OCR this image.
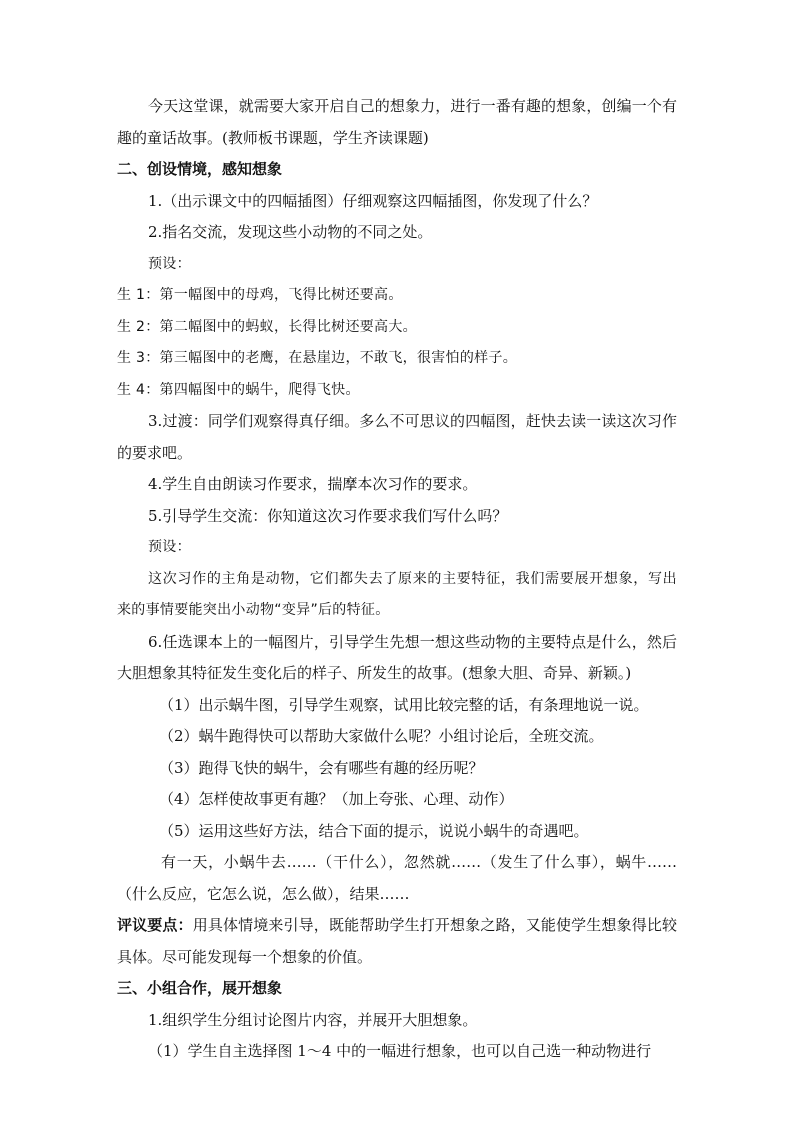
今天这堂课，就需要大家开启自己的想象力，进行一番有趣的想象，创编一个有趣的童话故事。(教师板书课题，学生齐读课题)

二、创设情境，感知想象

1.（出示课文中的四幅插图）仔细观察这四幅插图，你发现了什么？

2.指名交流，发现这些小动物的不同之处。

预设：

生 1：第一幅图中的母鸡，飞得比树还要高。

生 2：第二幅图中的蚂蚁，长得比树还要高大。

生 3：第三幅图中的老鹰，在悬崖边，不敢飞，很害怕的样子。

生 4：第四幅图中的蜗牛，爬得飞快。

3.过渡：同学们观察得真仔细。多么不可思议的四幅图，赶快去读一读这次习作的要求吧。

4.学生自由朗读习作要求，揣摩本次习作的要求。

5.引导学生交流：你知道这次习作要求我们写什么吗？

预设：

这次习作的主角是动物，它们都失去了原来的主要特征，我们需要展开想象，写出来的事情要能突出小动物“变异”后的特征。

6.任选课本上的一幅图片，引导学生先想一想这些动物的主要特点是什么，然后大胆想象其特征发生变化后的样子、所发生的故事。(想象大胆、奇异、新颖。)

（1）出示蜗牛图，引导学生观察，试用比较完整的话，有条理地说一说。

（2）蜗牛跑得快可以帮助大家做什么呢？小组讨论后，全班交流。

（3）跑得飞快的蜗牛，会有哪些有趣的经历呢？

（4）怎样使故事更有趣？（加上夸张、心理、动作）

（5）运用这些好方法，结合下面的提示，说说小蜗牛的奇遇吧。

有一天，小蜗牛去……（干什么），忽然就……（发生了什么事），蜗牛……（什么反应，它怎么说，怎么做），结果……

评议要点：用具体情境来引导，既能帮助学生打开想象之路，又能使学生想象得比较具体。尽可能发现每一个想象的价值。

三、小组合作，展开想象

1.组织学生分组讨论图片内容，并展开大胆想象。

（1）学生自主选择图 1～4 中的一幅进行想象，也可以自己选一种动物进行
